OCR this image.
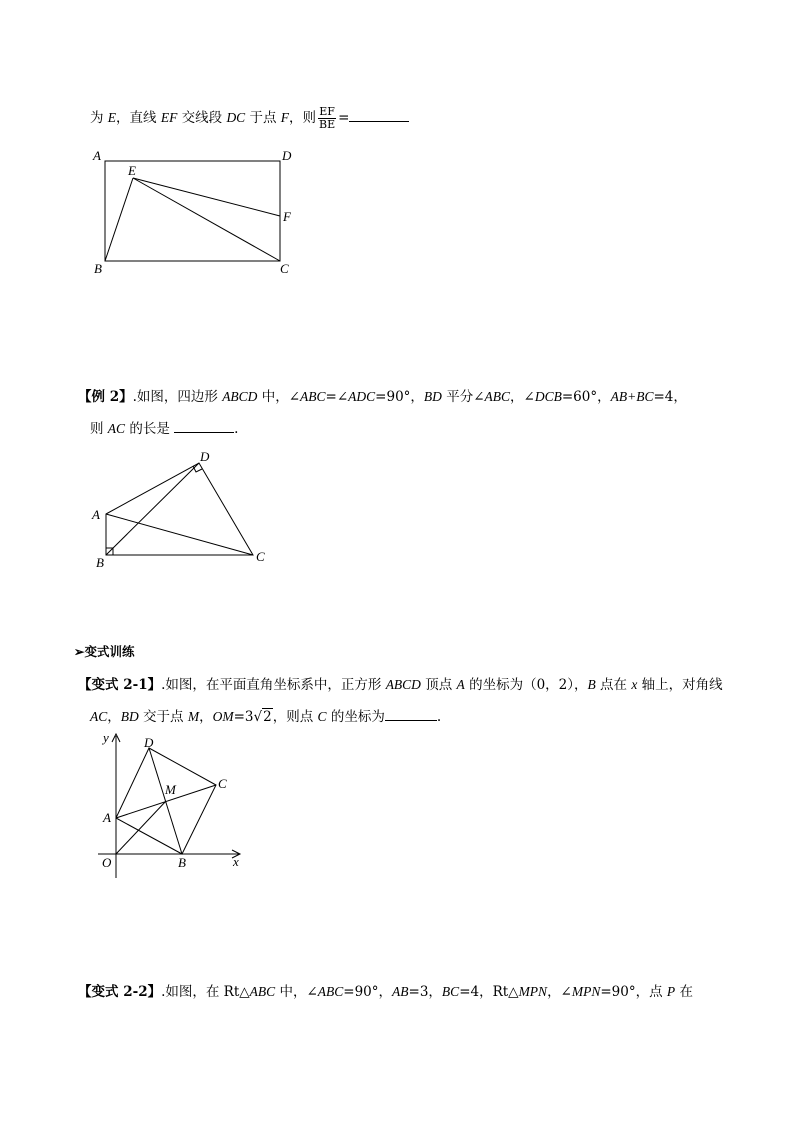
为 E，直线 EF 交线段 DC 于点 F，则 $\frac{EF}{BE}$ =
A	D
E
F
B	C
【例 2】.如图，四边形 ABCD 中，∠ABC=∠ADC=90°，BD 平分∠ABC，∠DCB=60°，AB+BC=4，
则 AC 的长是	.
D
A
B	C
➢变式训练
【变式 2-1】.如图，在平面直角坐标系中，正方形 ABCD 顶点 A 的坐标为（0，2），B 点在 x 轴上，对角线
AC，BD 交于点 M，OM=3√2，则点 C 的坐标为	.
y
x
D
C
M
A
O	B
【变式 2-2】.如图，在 Rt△ABC 中，∠ABC=90°，AB=3，BC=4，Rt△MPN，∠MPN=90°，点 P 在
